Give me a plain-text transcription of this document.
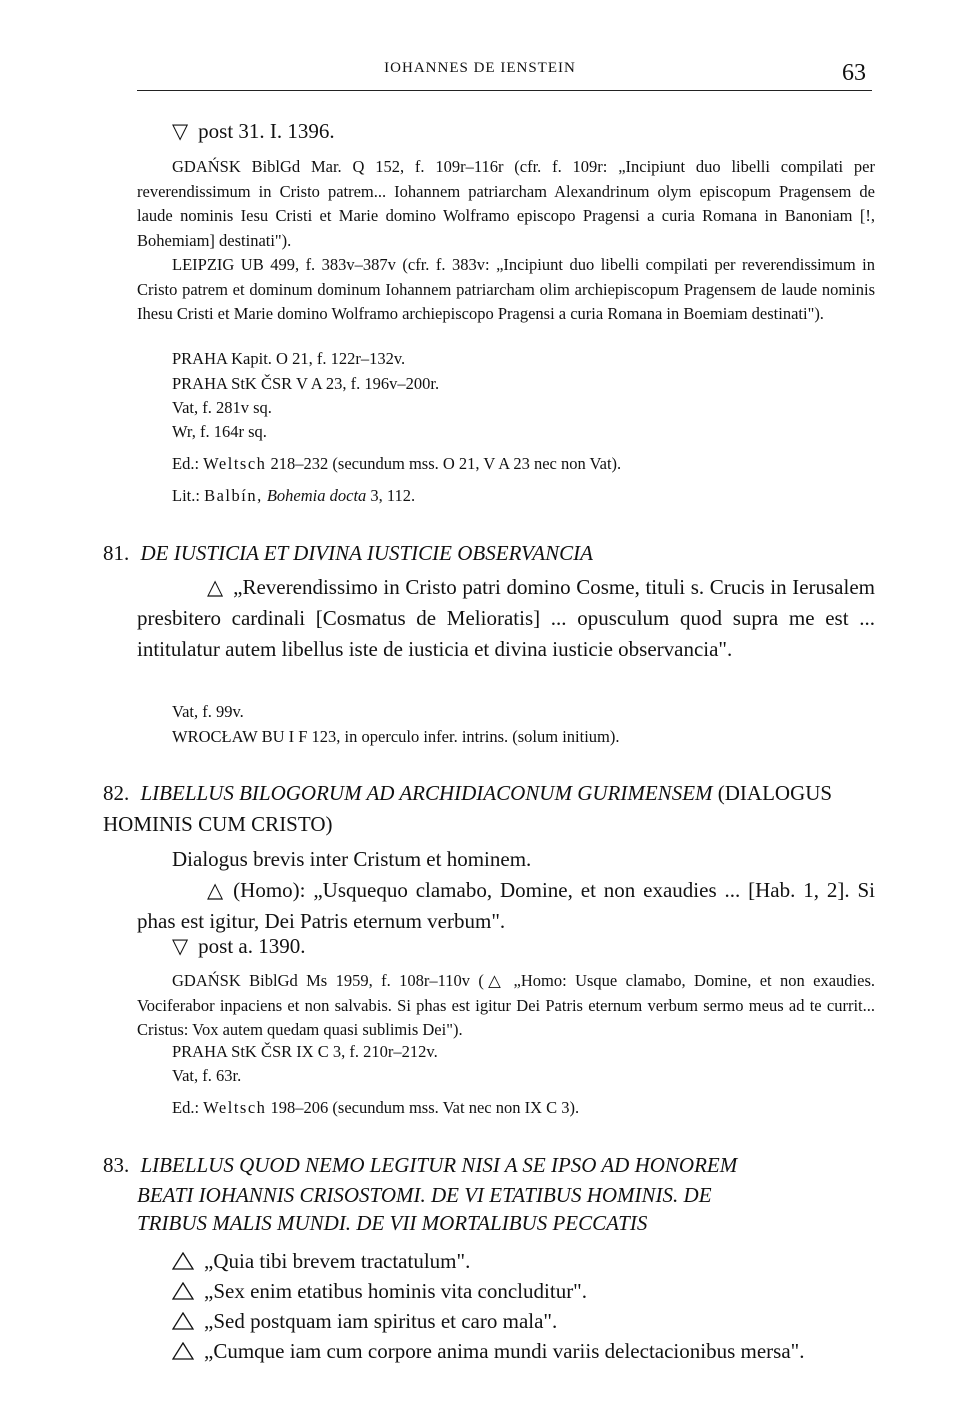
IOHANNES DE IENSTEIN	63
▽ post 31. I. 1396.
GDAŃSK BiblGd Mar. Q 152, f. 109r–116r (cfr. f. 109r: „Incipiunt duo libelli compilati per reverendissimum in Cristo patrem... Iohannem patriarcham Alexandrinum olym episcopum Pragensem de laude nominis Iesu Cristi et Marie domino Wolframo episcopo Pragensi a curia Romana in Banoniam [!, Bohemiam] destinati").
LEIPZIG UB 499, f. 383v–387v (cfr. f. 383v: „Incipiunt duo libelli compilati per reverendissimum in Cristo patrem et dominum dominum Iohannem patriarcham olim archiepiscopum Pragensem de laude nominis Ihesu Cristi et Marie domino Wolframo archiepiscopo Pragensi a curia Romana in Boemiam destinati").
PRAHA Kapit. O 21, f. 122r–132v.
PRAHA StK ČSR V A 23, f. 196v–200r.
Vat, f. 281v sq.
Wr, f. 164r sq.
Ed.: Weltsch 218–232 (secundum mss. O 21, V A 23 nec non Vat).
Lit.: Balbín, Bohemia docta 3, 112.
81. DE IUSTICIA ET DIVINA IUSTICIE OBSERVANCIA
△ „Reverendissimo in Cristo patri domino Cosme, tituli s. Crucis in Ierusalem presbitero cardinali [Cosmatus de Melioratis] ... opusculum quod supra me est ... intitulatur autem libellus iste de iusticia et divina iusticie observancia".
Vat, f. 99v.
WROCŁAW BU I F 123, in operculo infer. intrins. (solum initium).
82. LIBELLUS BILOGORUM AD ARCHIDIACONUM GURIMENSEM (DIALOGUS HOMINIS CUM CRISTO)
Dialogus brevis inter Cristum et hominem.
△ (Homo): „Usquequo clamabo, Domine, et non exaudies ... [Hab. 1, 2]. Si phas est igitur, Dei Patris eternum verbum".
▽ post a. 1390.
GDAŃSK BiblGd Ms 1959, f. 108r–110v (△ „Homo: Usque clamabo, Domine, et non exaudies. Vociferabor inpaciens et non salvabis. Si phas est igitur Dei Patris eternum verbum sermo meus ad te currit... Cristus: Vox autem quedam quasi sublimis Dei").
PRAHA StK ČSR IX C 3, f. 210r–212v.
Vat, f. 63r.
Ed.: Weltsch 198–206 (secundum mss. Vat nec non IX C 3).
83. LIBELLUS QUOD NEMO LEGITUR NISI A SE IPSO AD HONOREM
BEATI IOHANNIS CRISOSTOMI. DE VI ETATIBUS HOMINIS. DE
TRIBUS MALIS MUNDI. DE VII MORTALIBUS PECCATIS
„Quia tibi brevem tractatulum".
„Sex enim etatibus hominis vita concluditur".
„Sed postquam iam spiritus et caro mala".
„Cumque iam cum corpore anima mundi variis delectacionibus mersa".
